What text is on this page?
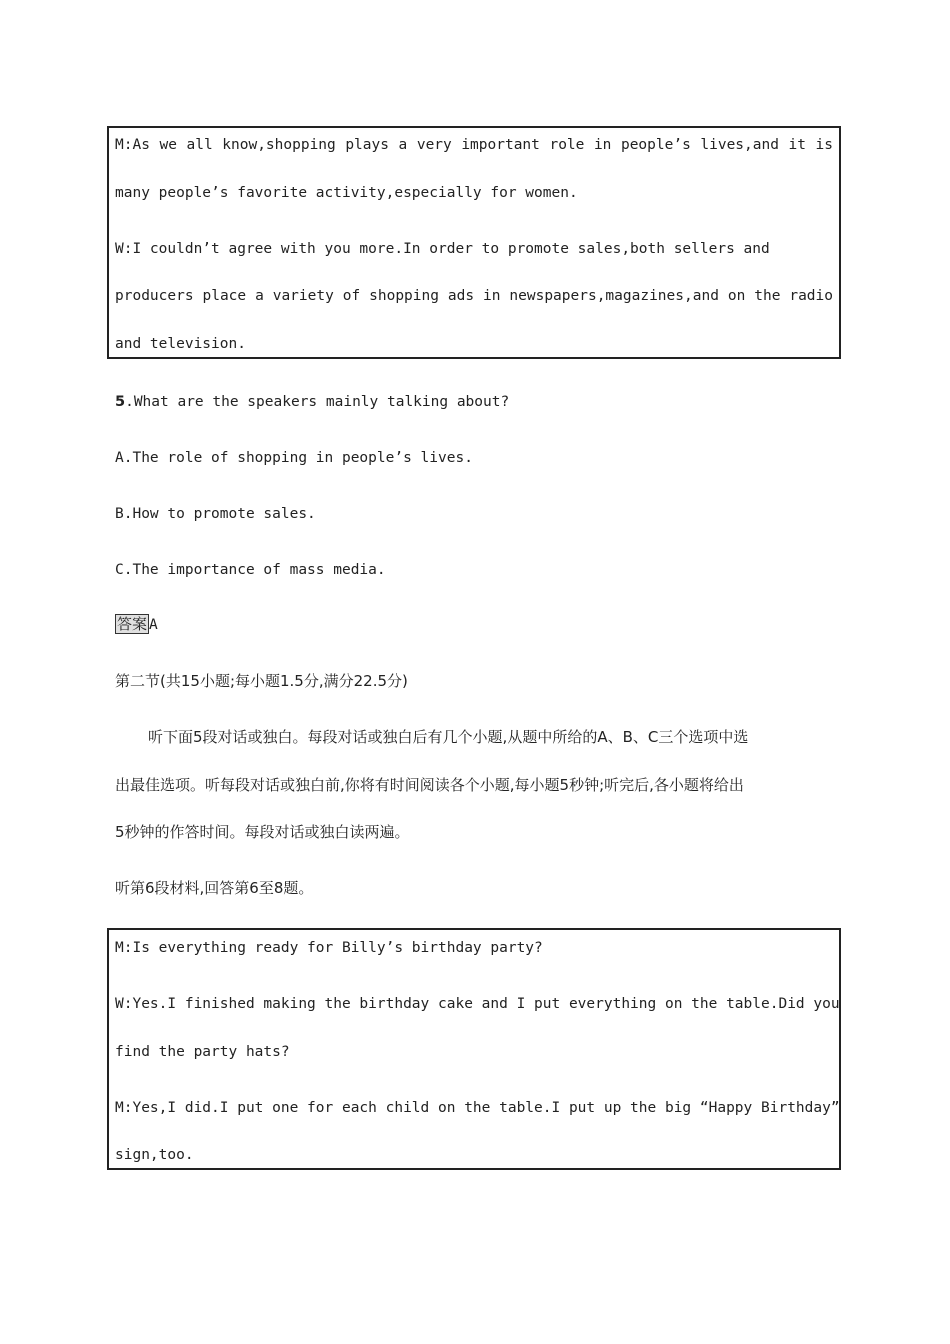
M:As we all know,shopping plays a very important role in people’s lives,and it is
many people’s favorite activity,especially for women.
W:I couldn’t agree with you more.In order to promote sales,both sellers and
producers place a variety of shopping ads in newspapers,magazines,and on the radio
and television.
5.What are the speakers mainly talking about?
A.The role of shopping in people’s lives.
B.How to promote sales.
C.The importance of mass media.
答案 A
第二节(共15小题;每小题1.5分,满分22.5分)
听下面5段对话或独白。每段对话或独白后有几个小题,从题中所给的A、B、C三个选项中选
出最佳选项。听每段对话或独白前,你将有时间阅读各个小题,每小题5秒钟;听完后,各小题将给出
5秒钟的作答时间。每段对话或独白读两遍。
听第6段材料,回答第6至8题。
M:Is everything ready for Billy’s birthday party?
W:Yes.I finished making the birthday cake and I put everything on the table.Did you
find the party hats?
M:Yes,I did.I put one for each child on the table.I put up the big “Happy Birthday”
sign,too.
